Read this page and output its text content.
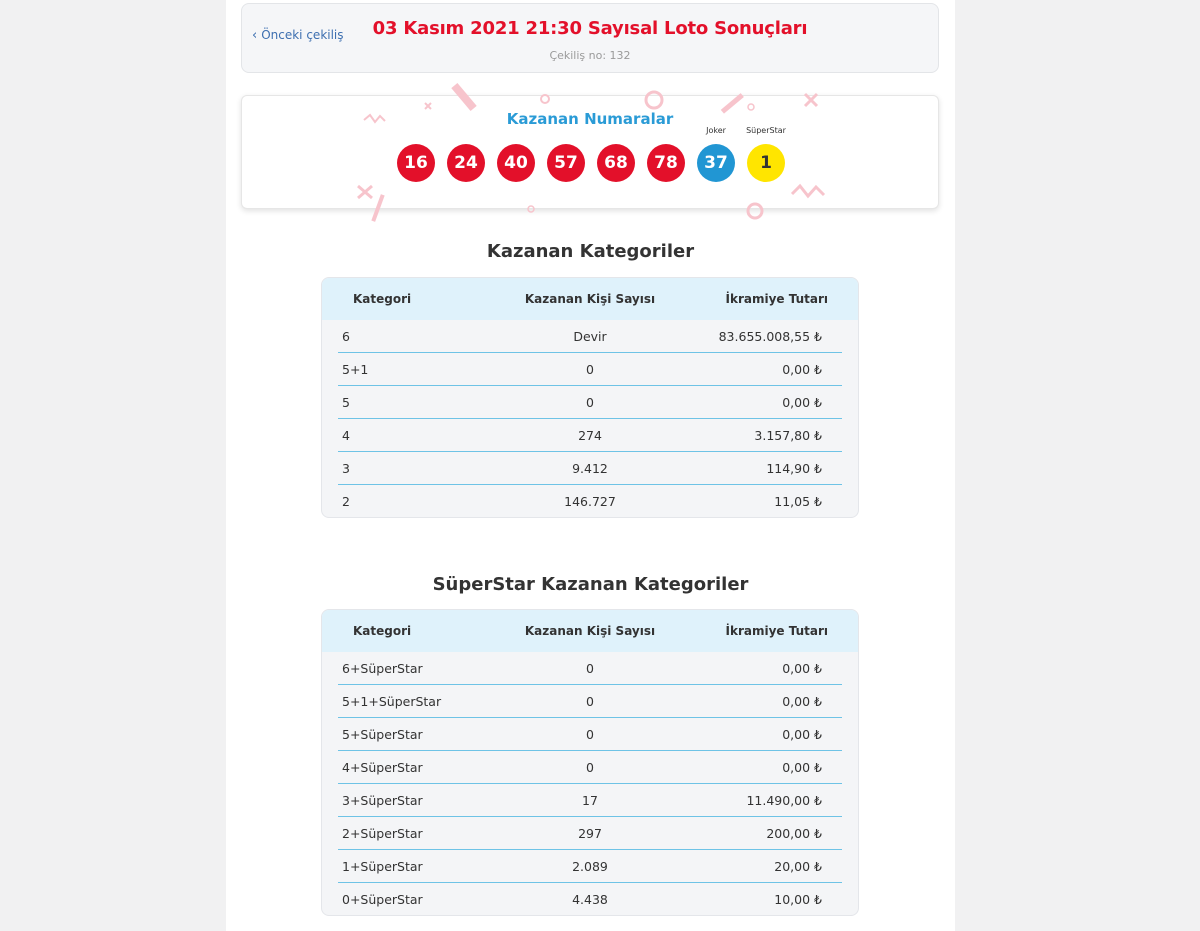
‹ Önceki çekiliş	03 Kasım 2021 21:30 Sayısal Loto Sonuçları
Çekiliş no: 132
Kazanan Numaralar
16	24	40	57	68	78
Joker
37
SüperStar
1
Kazanan Kategoriler
Kategori	Kazanan Kişi Sayısı	İkramiye Tutarı
6	Devir	83.655.008,55 ₺
5+1	0	0,00 ₺
5	0	0,00 ₺
4	274	3.157,80 ₺
3	9.412	114,90 ₺
2	146.727	11,05 ₺
SüperStar Kazanan Kategoriler
Kategori	Kazanan Kişi Sayısı	İkramiye Tutarı
6+SüperStar	0	0,00 ₺
5+1+SüperStar	0	0,00 ₺
5+SüperStar	0	0,00 ₺
4+SüperStar	0	0,00 ₺
3+SüperStar	17	11.490,00 ₺
2+SüperStar	297	200,00 ₺
1+SüperStar	2.089	20,00 ₺
0+SüperStar	4.438	10,00 ₺
